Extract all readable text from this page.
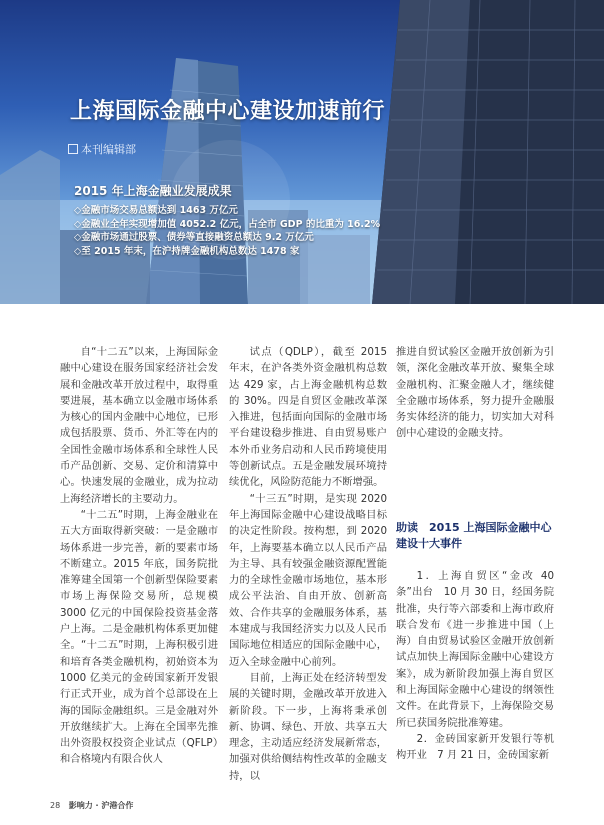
上海国际金融中心建设加速前行
本刊编辑部
2015 年上海金融业发展成果
◇金融市场交易总额达到 1463 万亿元
◇金融业全年实现增加值 4052.2 亿元，占全市 GDP 的比重为 16.2%
◇金融市场通过股票、债券等直接融资总额达 9.2 万亿元
◇至 2015 年末，在沪持牌金融机构总数达 1478 家

自“十二五”以来，上海国际金融中心建设在服务国家经济社会发展和金融改革开放过程中，取得重要进展，基本确立以金融市场体系为核心的国内金融中心地位，已形成包括股票、货币、外汇等在内的全国性金融市场体系和全球性人民币产品创新、交易、定价和清算中心。快速发展的金融业，成为拉动上海经济增长的主要动力。

“十二五”时期，上海金融业在五大方面取得新突破：一是金融市场体系进一步完善，新的要素市场不断建立。2015 年底，国务院批准筹建全国第一个创新型保险要素市场上海保险交易所，总规模 3000 亿元的中国保险投资基金落户上海。二是金融机构体系更加健全。“十二五”时期，上海积极引进和培育各类金融机构，初始资本为 1000 亿美元的金砖国家新开发银行正式开业，成为首个总部设在上海的国际金融组织。三是金融对外开放继续扩大。上海在全国率先推出外资股权投资企业试点（QFLP）和合格境内有限合伙人

试点（QDLP），截至 2015 年末，在沪各类外资金融机构总数达 429 家，占上海金融机构总数的 30%。四是自贸区金融改革深入推进，包括面向国际的金融市场平台建设稳步推进、自由贸易账户本外币业务启动和人民币跨境使用等创新试点。五是金融发展环境持续优化，风险防范能力不断增强。

“十三五”时期，是实现 2020 年上海国际金融中心建设战略目标的决定性阶段。按构想，到 2020 年，上海要基本确立以人民币产品为主导、具有较强金融资源配置能力的全球性金融市场地位，基本形成公平法治、自由开放、创新高效、合作共享的金融服务体系，基本建成与我国经济实力以及人民币国际地位相适应的国际金融中心，迈入全球金融中心前列。

目前，上海正处在经济转型发展的关键时期，金融改革开放进入新阶段。下一步，上海将秉承创新、协调、绿色、开放、共享五大理念，主动适应经济发展新常态，加强对供给侧结构性改革的金融支持，以

推进自贸试验区金融开放创新为引领，深化金融改革开放、聚集全球金融机构、汇聚金融人才，继续健全金融市场体系，努力提升金融服务实体经济的能力，切实加大对科创中心建设的金融支持。

助读　2015 上海国际金融中心建设十大事件

1．上海自贸区“金改 40 条”出台　10 月 30 日，经国务院批准，央行等六部委和上海市政府联合发布《进一步推进中国（上海）自由贸易试验区金融开放创新试点加快上海国际金融中心建设方案》，成为新阶段加强上海自贸区和上海国际金融中心建设的纲领性文件。在此背景下，上海保险交易所已获国务院批准筹建。

2．金砖国家新开发银行等机构开业　7 月 21 日，金砖国家新

28 影响力 · 沪港合作
